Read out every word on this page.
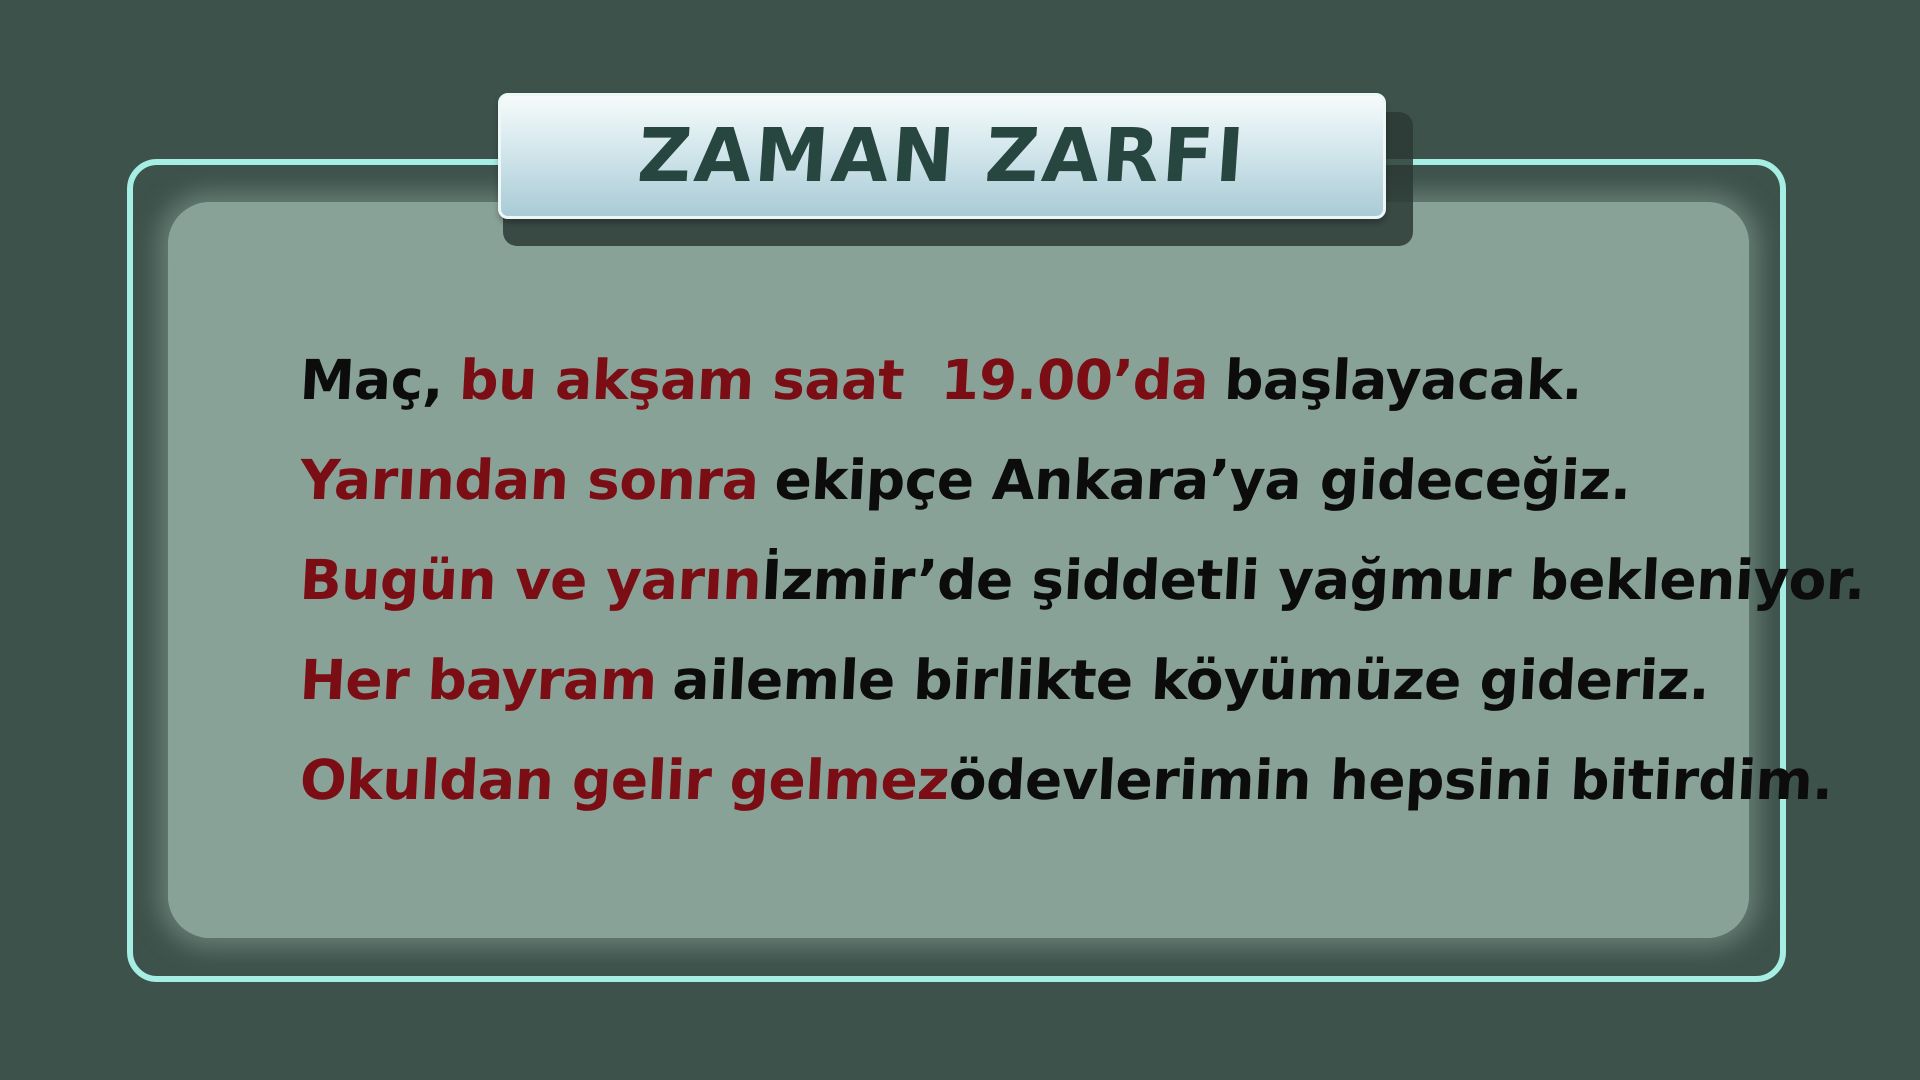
ZAMAN ZARFI
Maç, bu akşam saat  19.00’da başlayacak.
Yarından sonra ekipçe Ankara’ya gideceğiz.
Bugün ve yarın
İzmir’de şiddetli yağmur bekleniyor.
Her bayram ailemle birlikte köyümüze gideriz.
Okuldan gelir gelmez
ödevlerimin hepsini bitirdim.
